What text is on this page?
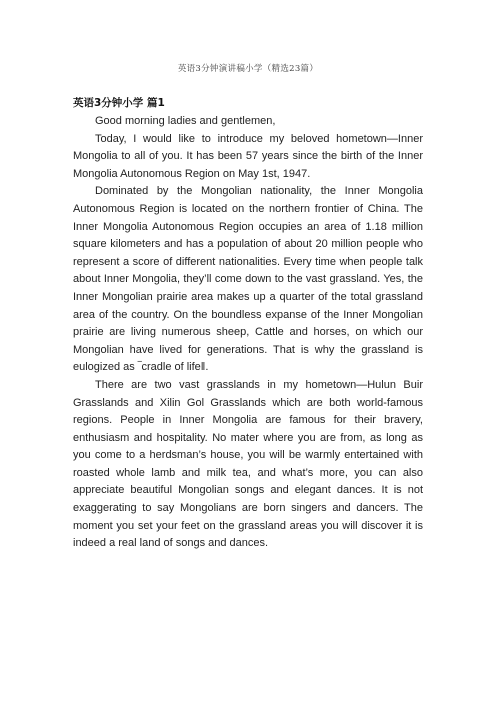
英语3分钟演讲稿小学（精选23篇）

英语3分钟小学 篇1

Good morning ladies and gentlemen,

Today, I would like to introduce my beloved hometown—Inner Mongolia to all of you. It has been 57 years since the birth of the Inner Mongolia Autonomous Region on May 1st, 1947.

Dominated by the Mongolian nationality, the Inner Mongolia Autonomous Region is located on the northern frontier of China. The Inner Mongolia Autonomous Region occupies an area of 1.18 million square kilometers and has a population of about 20 million people who represent a score of different nationalities. Every time when people talk about Inner Mongolia, they’ll come down to the vast grassland. Yes, the Inner Mongolian prairie area makes up a quarter of the total grassland area of the country. On the boundless expanse of the Inner Mongolian prairie are living numerous sheep, Cattle and horses, on which our Mongolian have lived for generations. That is why the grassland is eulogized as ‾cradle of life‖.

There are two vast grasslands in my hometown—Hulun Buir Grasslands and Xilin Gol Grasslands which are both world-famous regions. People in Inner Mongolia are famous for their bravery, enthusiasm and hospitality. No mater where you are from, as long as you come to a herdsman’s house, you will be warmly entertained with roasted whole lamb and milk tea, and what’s more, you can also appreciate beautiful Mongolian songs and elegant dances. It is not exaggerating to say Mongolians are born singers and dancers. The moment you set your feet on the grassland areas you will discover it is indeed a real land of songs and dances.
